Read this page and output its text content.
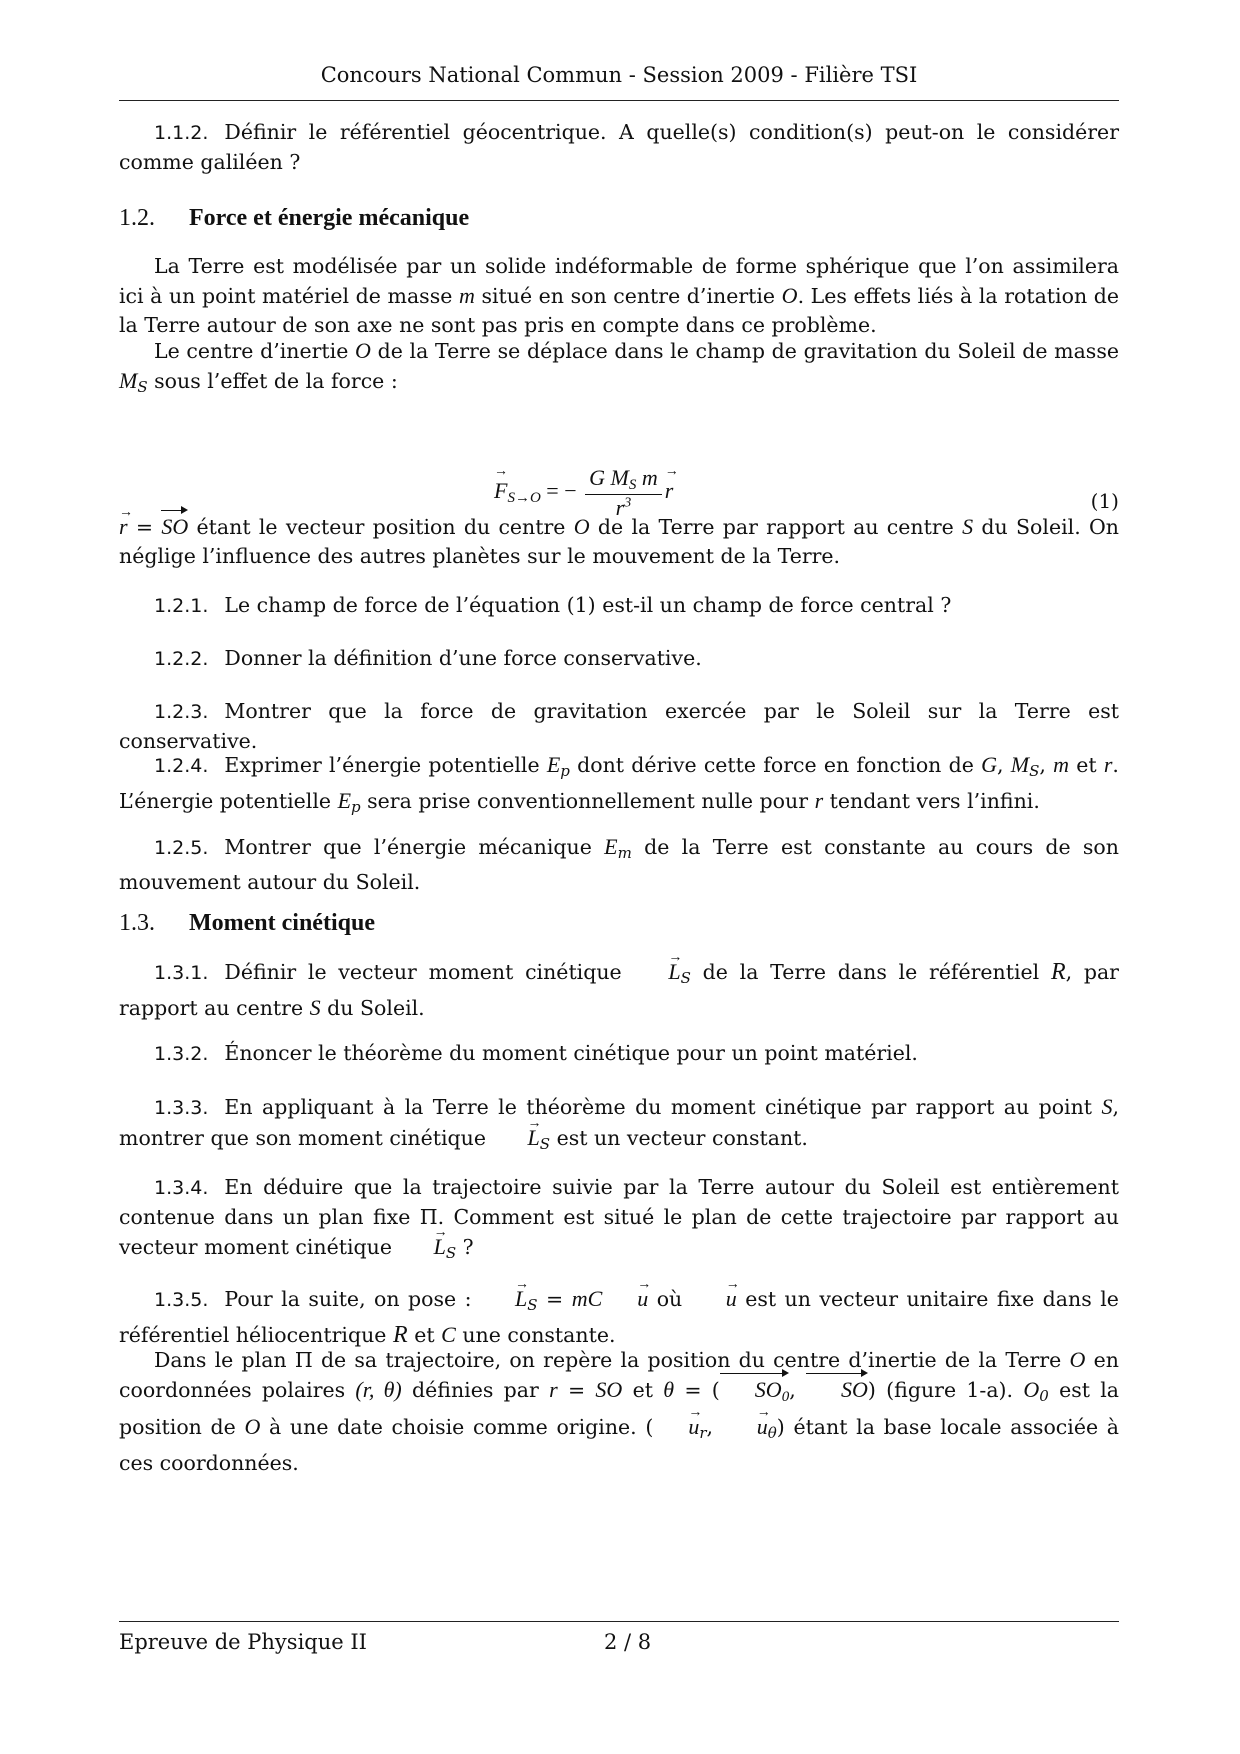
Concours National Commun - Session 2009 - Filière TSI
1.1.2. Définir le référentiel géocentrique. A quelle(s) condition(s) peut-on le considérer comme galiléen ?
1.2. Force et énergie mécanique
La Terre est modélisée par un solide indéformable de forme sphérique que l’on assimilera ici à un point matériel de masse m situé en son centre d’inertie O. Les effets liés à la rotation de la Terre autour de son axe ne sont pas pris en compte dans ce problème.
Le centre d’inertie O de la Terre se déplace dans le champ de gravitation du Soleil de masse $M_S$ sous l’effet de la force :
→ $F_{S\to O}$ = − $\frac{G M_S m}{r^3}$
→ r	(1)
→ r = SO étant le vecteur position du centre O de la Terre par rapport au centre S du Soleil. On néglige l’influence des autres planètes sur le mouvement de la Terre.
1.2.1. Le champ de force de l’équation (1) est-il un champ de force central ?
1.2.2. Donner la définition d’une force conservative.
1.2.3. Montrer que la force de gravitation exercée par le Soleil sur la Terre est conservative.
1.2.4. Exprimer l’énergie potentielle $E_p$ dont dérive cette force en fonction de G, $M_S$, m et r. L’énergie potentielle $E_p$ sera prise conventionnellement nulle pour r tendant vers l’infini.
1.2.5. Montrer que l’énergie mécanique $E_m$ de la Terre est constante au cours de son mouvement autour du Soleil.
1.3. Moment cinétique
1.3.1. Définir le vecteur moment cinétique → $L_S$ de la Terre dans le référentiel R, par rapport au centre S du Soleil.
1.3.2. Énoncer le théorème du moment cinétique pour un point matériel.
1.3.3. En appliquant à la Terre le théorème du moment cinétique par rapport au point S, montrer que son moment cinétique → $L_S$ est un vecteur constant.
1.3.4. En déduire que la trajectoire suivie par la Terre autour du Soleil est entièrement contenue dans un plan fixe Π. Comment est situé le plan de cette trajectoire par rapport au vecteur moment cinétique → $L_S$ ?
1.3.5. Pour la suite, on pose : → $L_S = mC\to u$ où → u est un vecteur unitaire fixe dans le référentiel héliocentrique R et C une constante.
Dans le plan Π de sa trajectoire, on repère la position du centre d’inertie de la Terre O en coordonnées polaires (r, θ) définies par r = SO et θ = ( $SO_0$, SO) (figure 1-a). $O_0$ est la position de O à une date choisie comme origine. (→ $u_r$, → $u_\theta$) étant la base locale associée à ces coordonnées.
Epreuve de Physique II	2 / 8
